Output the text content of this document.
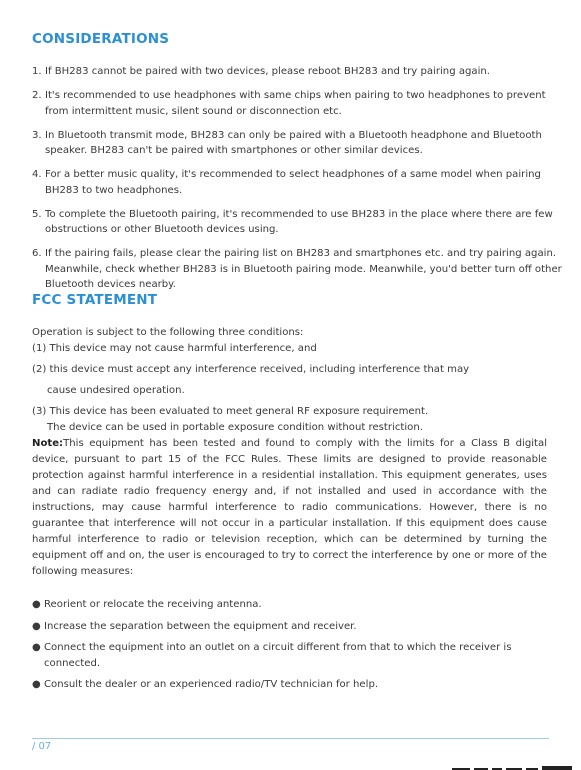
CONSIDERATIONS
1. If BH283 cannot be paired with two devices, please reboot BH283 and try pairing again.
2. It's recommended to use headphones with same chips when pairing to two headphones to prevent from intermittent music, silent sound or disconnection etc.
3. In Bluetooth transmit mode, BH283 can only be paired with a Bluetooth headphone and Bluetooth speaker. BH283 can't be paired with smartphones or other similar devices.
4. For a better music quality, it's recommended to select headphones of a same model when pairing BH283 to two headphones.
5. To complete the Bluetooth pairing, it's recommended to use BH283 in the place where there are few obstructions or other Bluetooth devices using.
6. If the pairing fails, please clear the pairing list on BH283 and smartphones etc. and try pairing again. Meanwhile, check whether BH283 is in Bluetooth pairing mode. Meanwhile, you'd better turn off other Bluetooth devices nearby.
FCC STATEMENT

Operation is subject to the following three conditions:

(1) This device may not cause harmful interference, and

(2) this device must accept any interference received, including interference that may

cause undesired operation.

(3) This device has been evaluated to meet general RF exposure requirement.

The device can be used in portable exposure condition without restriction.

Note:This equipment has been tested and found to comply with the limits for a Class B digital device, pursuant to part 15 of the FCC Rules. These limits are designed to provide reasonable protection against harmful interference in a residential installation. This equipment generates, uses and can radiate radio frequency energy and, if not installed and used in accordance with the instructions, may cause harmful interference to radio communications. However, there is no guarantee that interference will not occur in a particular installation. If this equipment does cause harmful interference to radio or television reception, which can be determined by turning the equipment off and on, the user is encouraged to try to correct the interference by one or more of the following measures:

● Reorient or relocate the receiving antenna.
● Increase the separation between the equipment and receiver.
● Connect the equipment into an outlet on a circuit different from that to which the receiver is connected.
● Consult the dealer or an experienced radio/TV technician for help.
/ 07
